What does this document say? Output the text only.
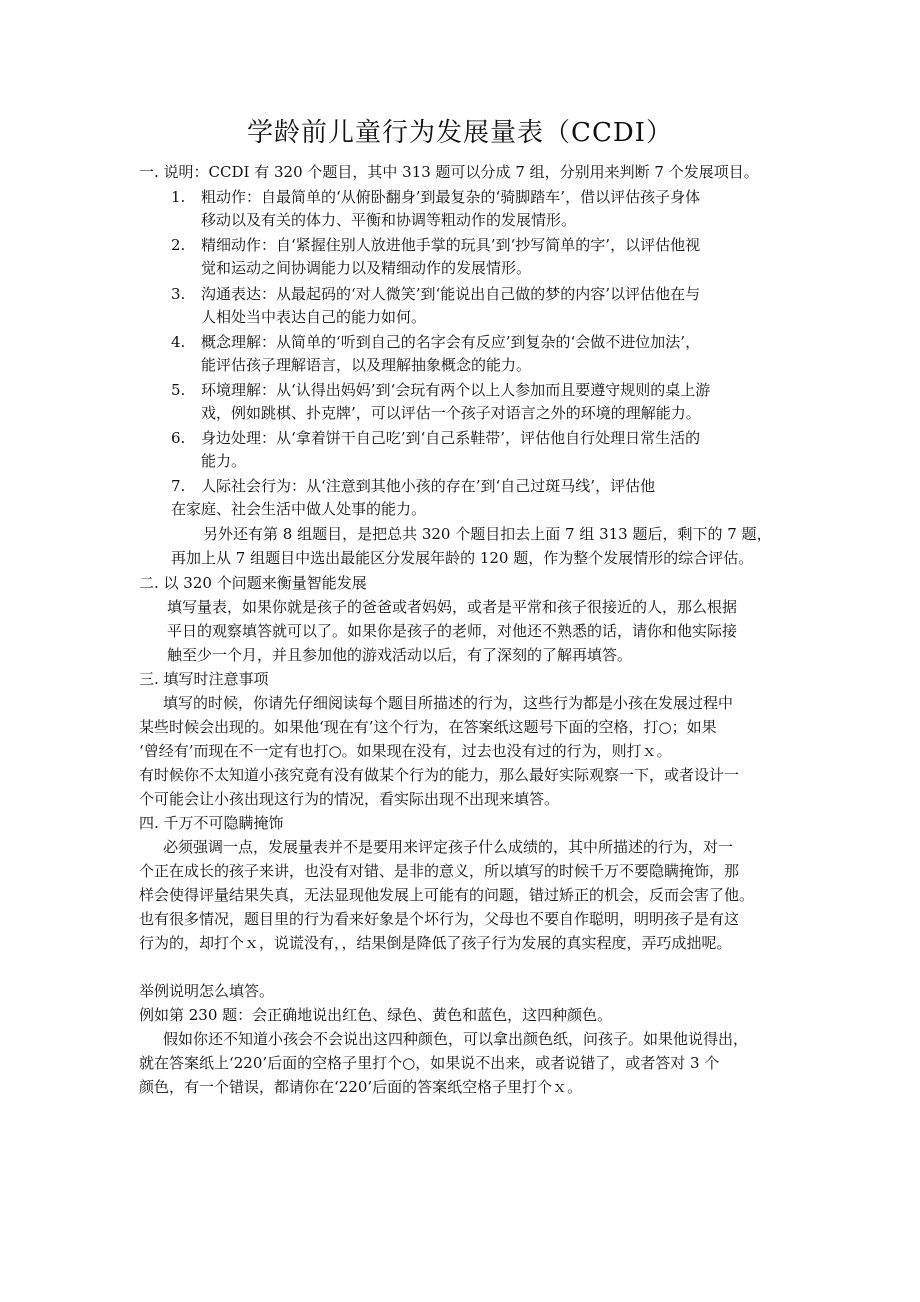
学龄前儿童行为发展量表（CCDI）
一. 说明：CCDI 有 320 个题目，其中 313 题可以分成 7 组，分别用来判断 7 个发展项目。
1. 粗动作：自最简单的‘从俯卧翻身’到最复杂的‘骑脚踏车’，借以评估孩子身体
移动以及有关的体力、平衡和协调等粗动作的发展情形。
2. 精细动作：自‘紧握住别人放进他手掌的玩具’到‘抄写简单的字’，以评估他视
觉和运动之间协调能力以及精细动作的发展情形。
3. 沟通表达：从最起码的‘对人微笑’到‘能说出自己做的梦的内容’以评估他在与
人相处当中表达自己的能力如何。
4. 概念理解：从简单的‘听到自己的名字会有反应’到复杂的‘会做不进位加法’，
能评估孩子理解语言，以及理解抽象概念的能力。
5. 环境理解：从‘认得出妈妈’到‘会玩有两个以上人参加而且要遵守规则的桌上游
戏，例如跳棋、扑克牌’，可以评估一个孩子对语言之外的环境的理解能力。
6. 身边处理：从‘拿着饼干自己吃’到‘自己系鞋带’，评估他自行处理日常生活的
能力。
7. 人际社会行为：从‘注意到其他小孩的存在’到‘自己过斑马线’，评估他
在家庭、社会生活中做人处事的能力。
另外还有第 8 组题目，是把总共 320 个题目扣去上面 7 组 313 题后，剩下的 7 题，
再加上从 7 组题目中选出最能区分发展年龄的 120 题，作为整个发展情形的综合评估。
二. 以 320 个问题来衡量智能发展
填写量表，如果你就是孩子的爸爸或者妈妈，或者是平常和孩子很接近的人，那么根据
平日的观察填答就可以了。如果你是孩子的老师，对他还不熟悉的话，请你和他实际接
触至少一个月，并且参加他的游戏活动以后，有了深刻的了解再填答。
三. 填写时注意事项
填写的时候，你请先仔细阅读每个题目所描述的行为，这些行为都是小孩在发展过程中
某些时候会出现的。如果他‘现在有’这个行为，在答案纸这题号下面的空格，打○；如果
‘曾经有’而现在不一定有也打○。如果现在没有，过去也没有过的行为，则打ｘ。
有时候你不太知道小孩究竟有没有做某个行为的能力，那么最好实际观察一下，或者设计一
个可能会让小孩出现这行为的情况，看实际出现不出现来填答。
四. 千万不可隐瞒掩饰
必须强调一点，发展量表并不是要用来评定孩子什么成绩的，其中所描述的行为，对一
个正在成长的孩子来讲，也没有对错、是非的意义，所以填写的时候千万不要隐瞒掩饰，那
样会使得评量结果失真，无法显现他发展上可能有的问题，错过矫正的机会，反而会害了他。
也有很多情况，题目里的行为看来好象是个坏行为，父母也不要自作聪明，明明孩子是有这
行为的，却打个ｘ，说谎没有，，结果倒是降低了孩子行为发展的真实程度，弄巧成拙呢。
举例说明怎么填答。
例如第 230 题：会正确地说出红色、绿色、黄色和蓝色，这四种颜色。
假如你还不知道小孩会不会说出这四种颜色，可以拿出颜色纸，问孩子。如果他说得出，
就在答案纸上‘220’后面的空格子里打个○，如果说不出来，或者说错了，或者答对 3 个
颜色，有一个错误，都请你在‘220’后面的答案纸空格子里打个ｘ。
